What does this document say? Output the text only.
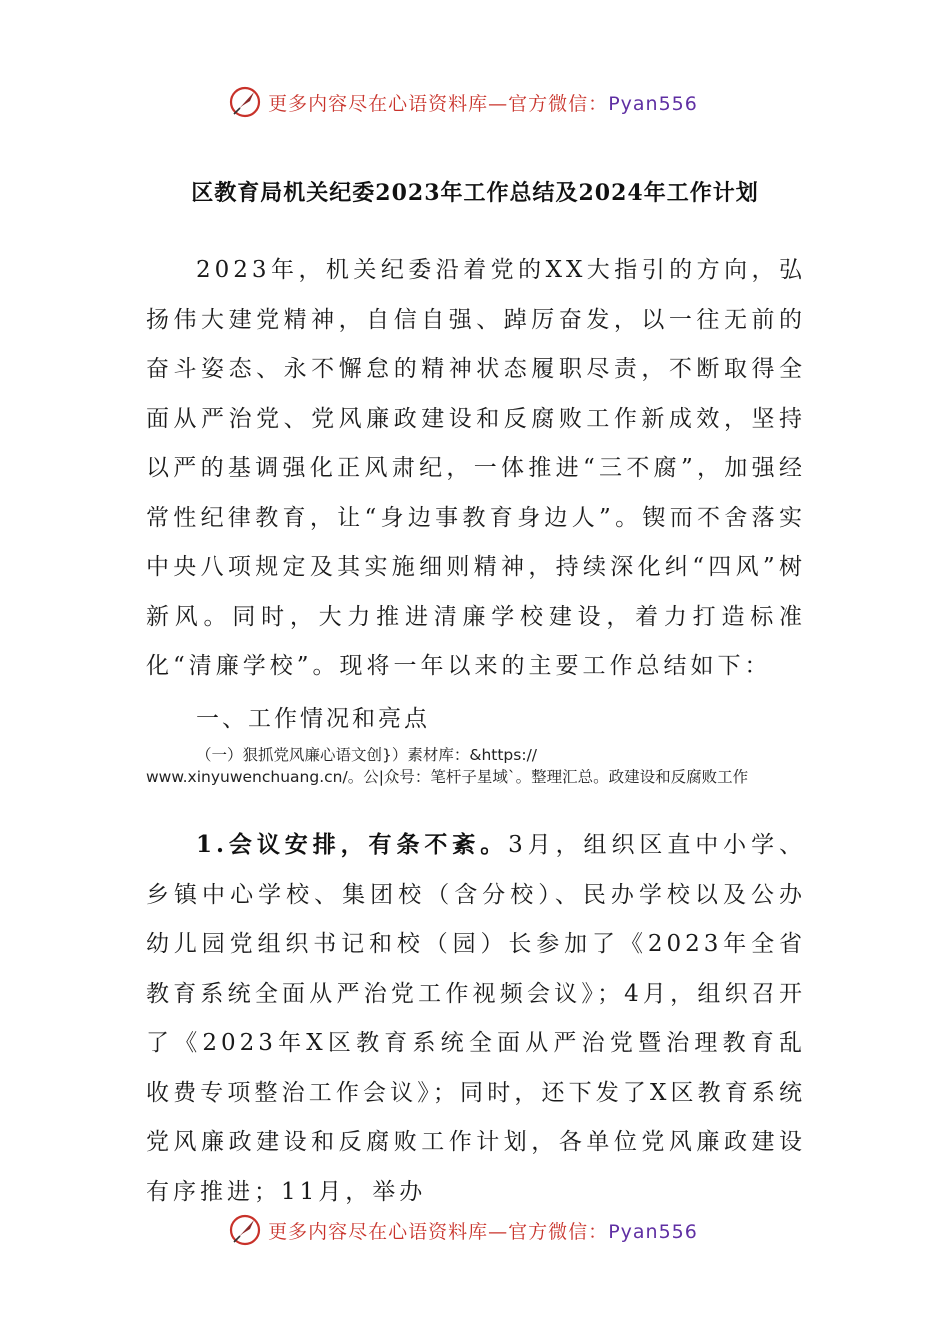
更多内容尽在心语资料库—官方微信：Pyan556
区教育局机关纪委2023年工作总结及2024年工作计划
2023年，机关纪委沿着党的XX大指引的方向，弘扬伟大建党精神，自信自强、踔厉奋发，以一往无前的奋斗姿态、永不懈怠的精神状态履职尽责，不断取得全面从严治党、党风廉政建设和反腐败工作新成效，坚持以严的基调强化正风肃纪，一体推进“三不腐”，加强经常性纪律教育，让“身边事教育身边人”。锲而不舍落实中央八项规定及其实施细则精神，持续深化纠“四风”树新风。同时，大力推进清廉学校建设，着力打造标准化“清廉学校”。现将一年以来的主要工作总结如下：
一、工作情况和亮点
（一）狠抓党风廉心语文创}）素材库：&https://
www.xinyuwenchuang.cn/。公|众号：笔杆子星域`。整理汇总。政建设和反腐败工作
1.会议安排，有条不紊。3月，组织区直中小学、乡镇中心学校、集团校（含分校）、民办学校以及公办幼儿园党组织书记和校（园）长参加了《2023年全省教育系统全面从严治党工作视频会议》；4月，组织召开了《2023年X区教育系统全面从严治党暨治理教育乱收费专项整治工作会议》；同时，还下发了X区教育系统党风廉政建设和反腐败工作计划，各单位党风廉政建设有序推进；11月，举办
更多内容尽在心语资料库—官方微信：Pyan556
